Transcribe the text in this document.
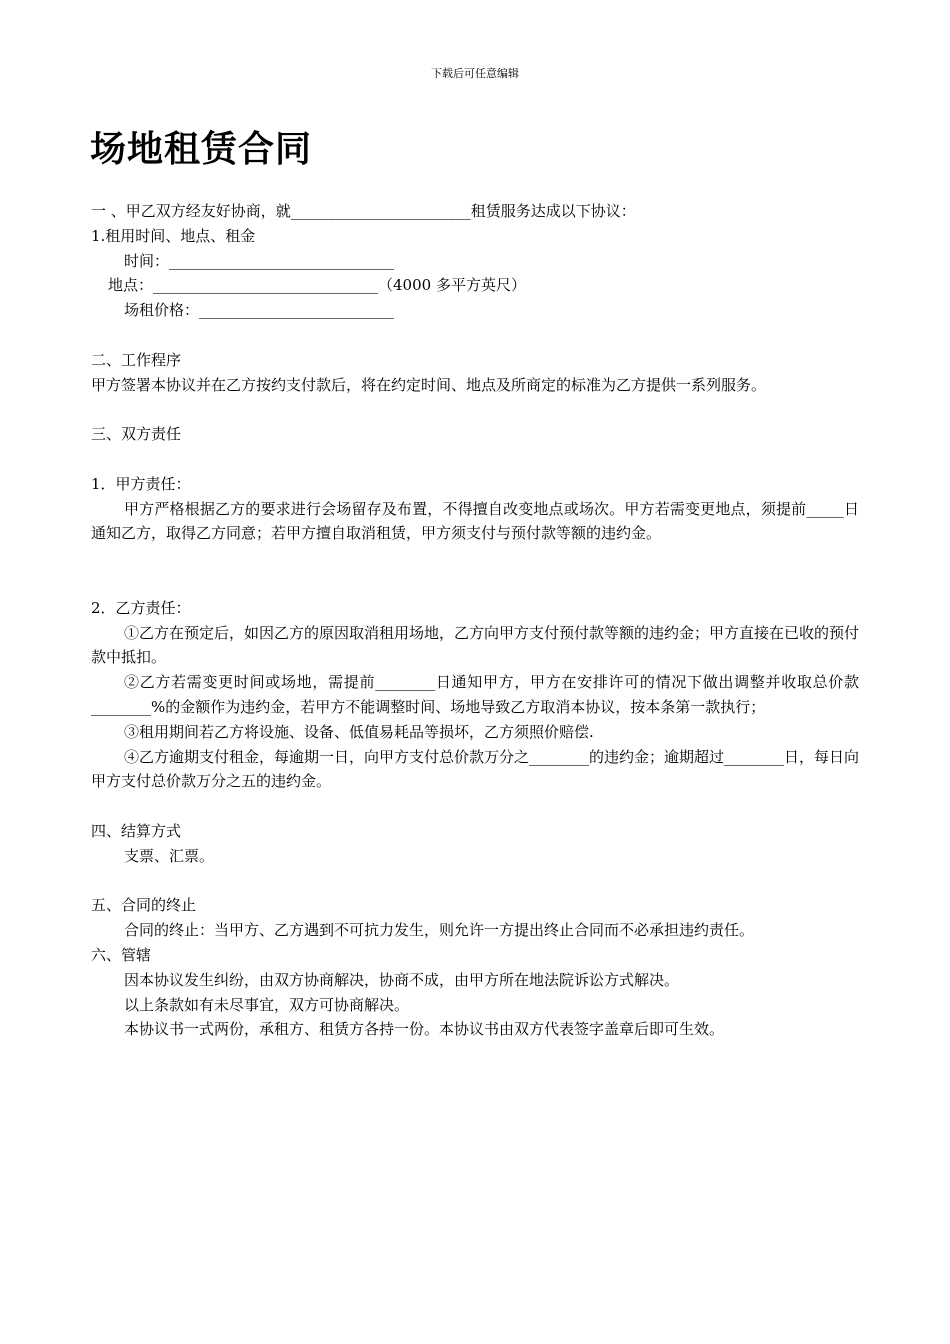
下载后可任意编辑
场地租赁合同
一 、甲乙双方经友好协商，就________________________租赁服务达成以下协议：
1.租用时间、地点、租金
时间：______________________________
地点：______________________________（4000 多平方英尺）
场租价格：__________________________
二、工作程序
甲方签署本协议并在乙方按约支付款后，将在约定时间、地点及所商定的标准为乙方提供一系列服务。
三、双方责任
1．甲方责任：
甲方严格根据乙方的要求进行会场留存及布置，不得擅自改变地点或场次。甲方若需变更地点，须提前_____日通知乙方，取得乙方同意；若甲方擅自取消租赁，甲方须支付与预付款等额的违约金。
2．乙方责任：
①乙方在预定后，如因乙方的原因取消租用场地，乙方向甲方支付预付款等额的违约金；甲方直接在已收的预付款中抵扣。
②乙方若需变更时间或场地，需提前________日通知甲方，甲方在安排许可的情况下做出调整并收取总价款________%的金额作为违约金，若甲方不能调整时间、场地导致乙方取消本协议，按本条第一款执行；
③租用期间若乙方将设施、设备、低值易耗品等损坏，乙方须照价赔偿.
④乙方逾期支付租金，每逾期一日，向甲方支付总价款万分之________的违约金；逾期超过________日，每日向甲方支付总价款万分之五的违约金。
四、结算方式
支票、汇票。
五、合同的终止
合同的终止：当甲方、乙方遇到不可抗力发生，则允许一方提出终止合同而不必承担违约责任。
六、管辖
因本协议发生纠纷，由双方协商解决，协商不成，由甲方所在地法院诉讼方式解决。
以上条款如有未尽事宜，双方可协商解决。
本协议书一式两份，承租方、租赁方各持一份。本协议书由双方代表签字盖章后即可生效。
